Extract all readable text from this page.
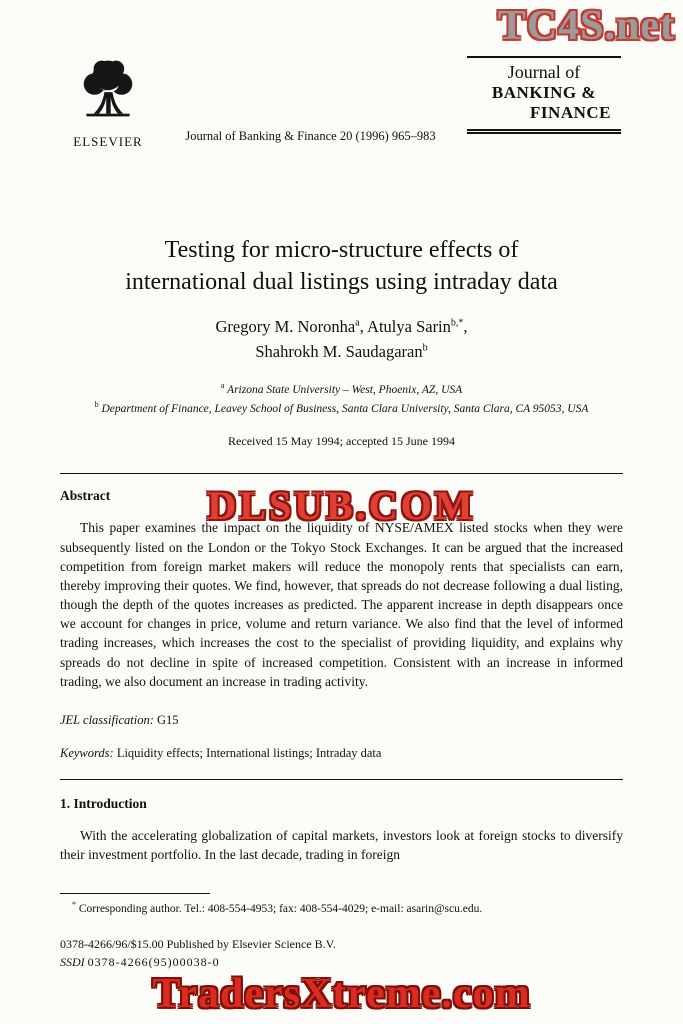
TC4S.net
DLSUB.COM
TradersXtreme.com
ELSEVIER	Journal of Banking & Finance 20 (1996) 965–983
Journal of
BANKING &
FINANCE
Testing for micro-structure effects of
international dual listings using intraday data
Gregory M. Noronha$^a$, Atulya Sarin$^{b,*}$,
Shahrokh M. Saudagaran$^b$
$^a$ Arizona State University – West, Phoenix, AZ, USA
$^b$ Department of Finance, Leavey School of Business, Santa Clara University, Santa Clara, CA 95053, USA
Received 15 May 1994; accepted 15 June 1994
Abstract
This paper examines the impact on the liquidity of NYSE/AMEX listed stocks when they were subsequently listed on the London or the Tokyo Stock Exchanges. It can be argued that the increased competition from foreign market makers will reduce the monopoly rents that specialists can earn, thereby improving their quotes. We find, however, that spreads do not decrease following a dual listing, though the depth of the quotes increases as predicted. The apparent increase in depth disappears once we account for changes in price, volume and return variance. We also find that the level of informed trading increases, which increases the cost to the specialist of providing liquidity, and explains why spreads do not decline in spite of increased competition. Consistent with an increase in informed trading, we also document an increase in trading activity.
JEL classification: G15
Keywords: Liquidity effects; International listings; Intraday data
1. Introduction
With the accelerating globalization of capital markets, investors look at foreign stocks to diversify their investment portfolio. In the last decade, trading in foreign
* Corresponding author. Tel.: 408-554-4953; fax: 408-554-4029; e-mail: asarin@scu.edu.
0378-4266/96/$15.00 Published by Elsevier Science B.V.
SSDI 0378-4266(95)00038-0
